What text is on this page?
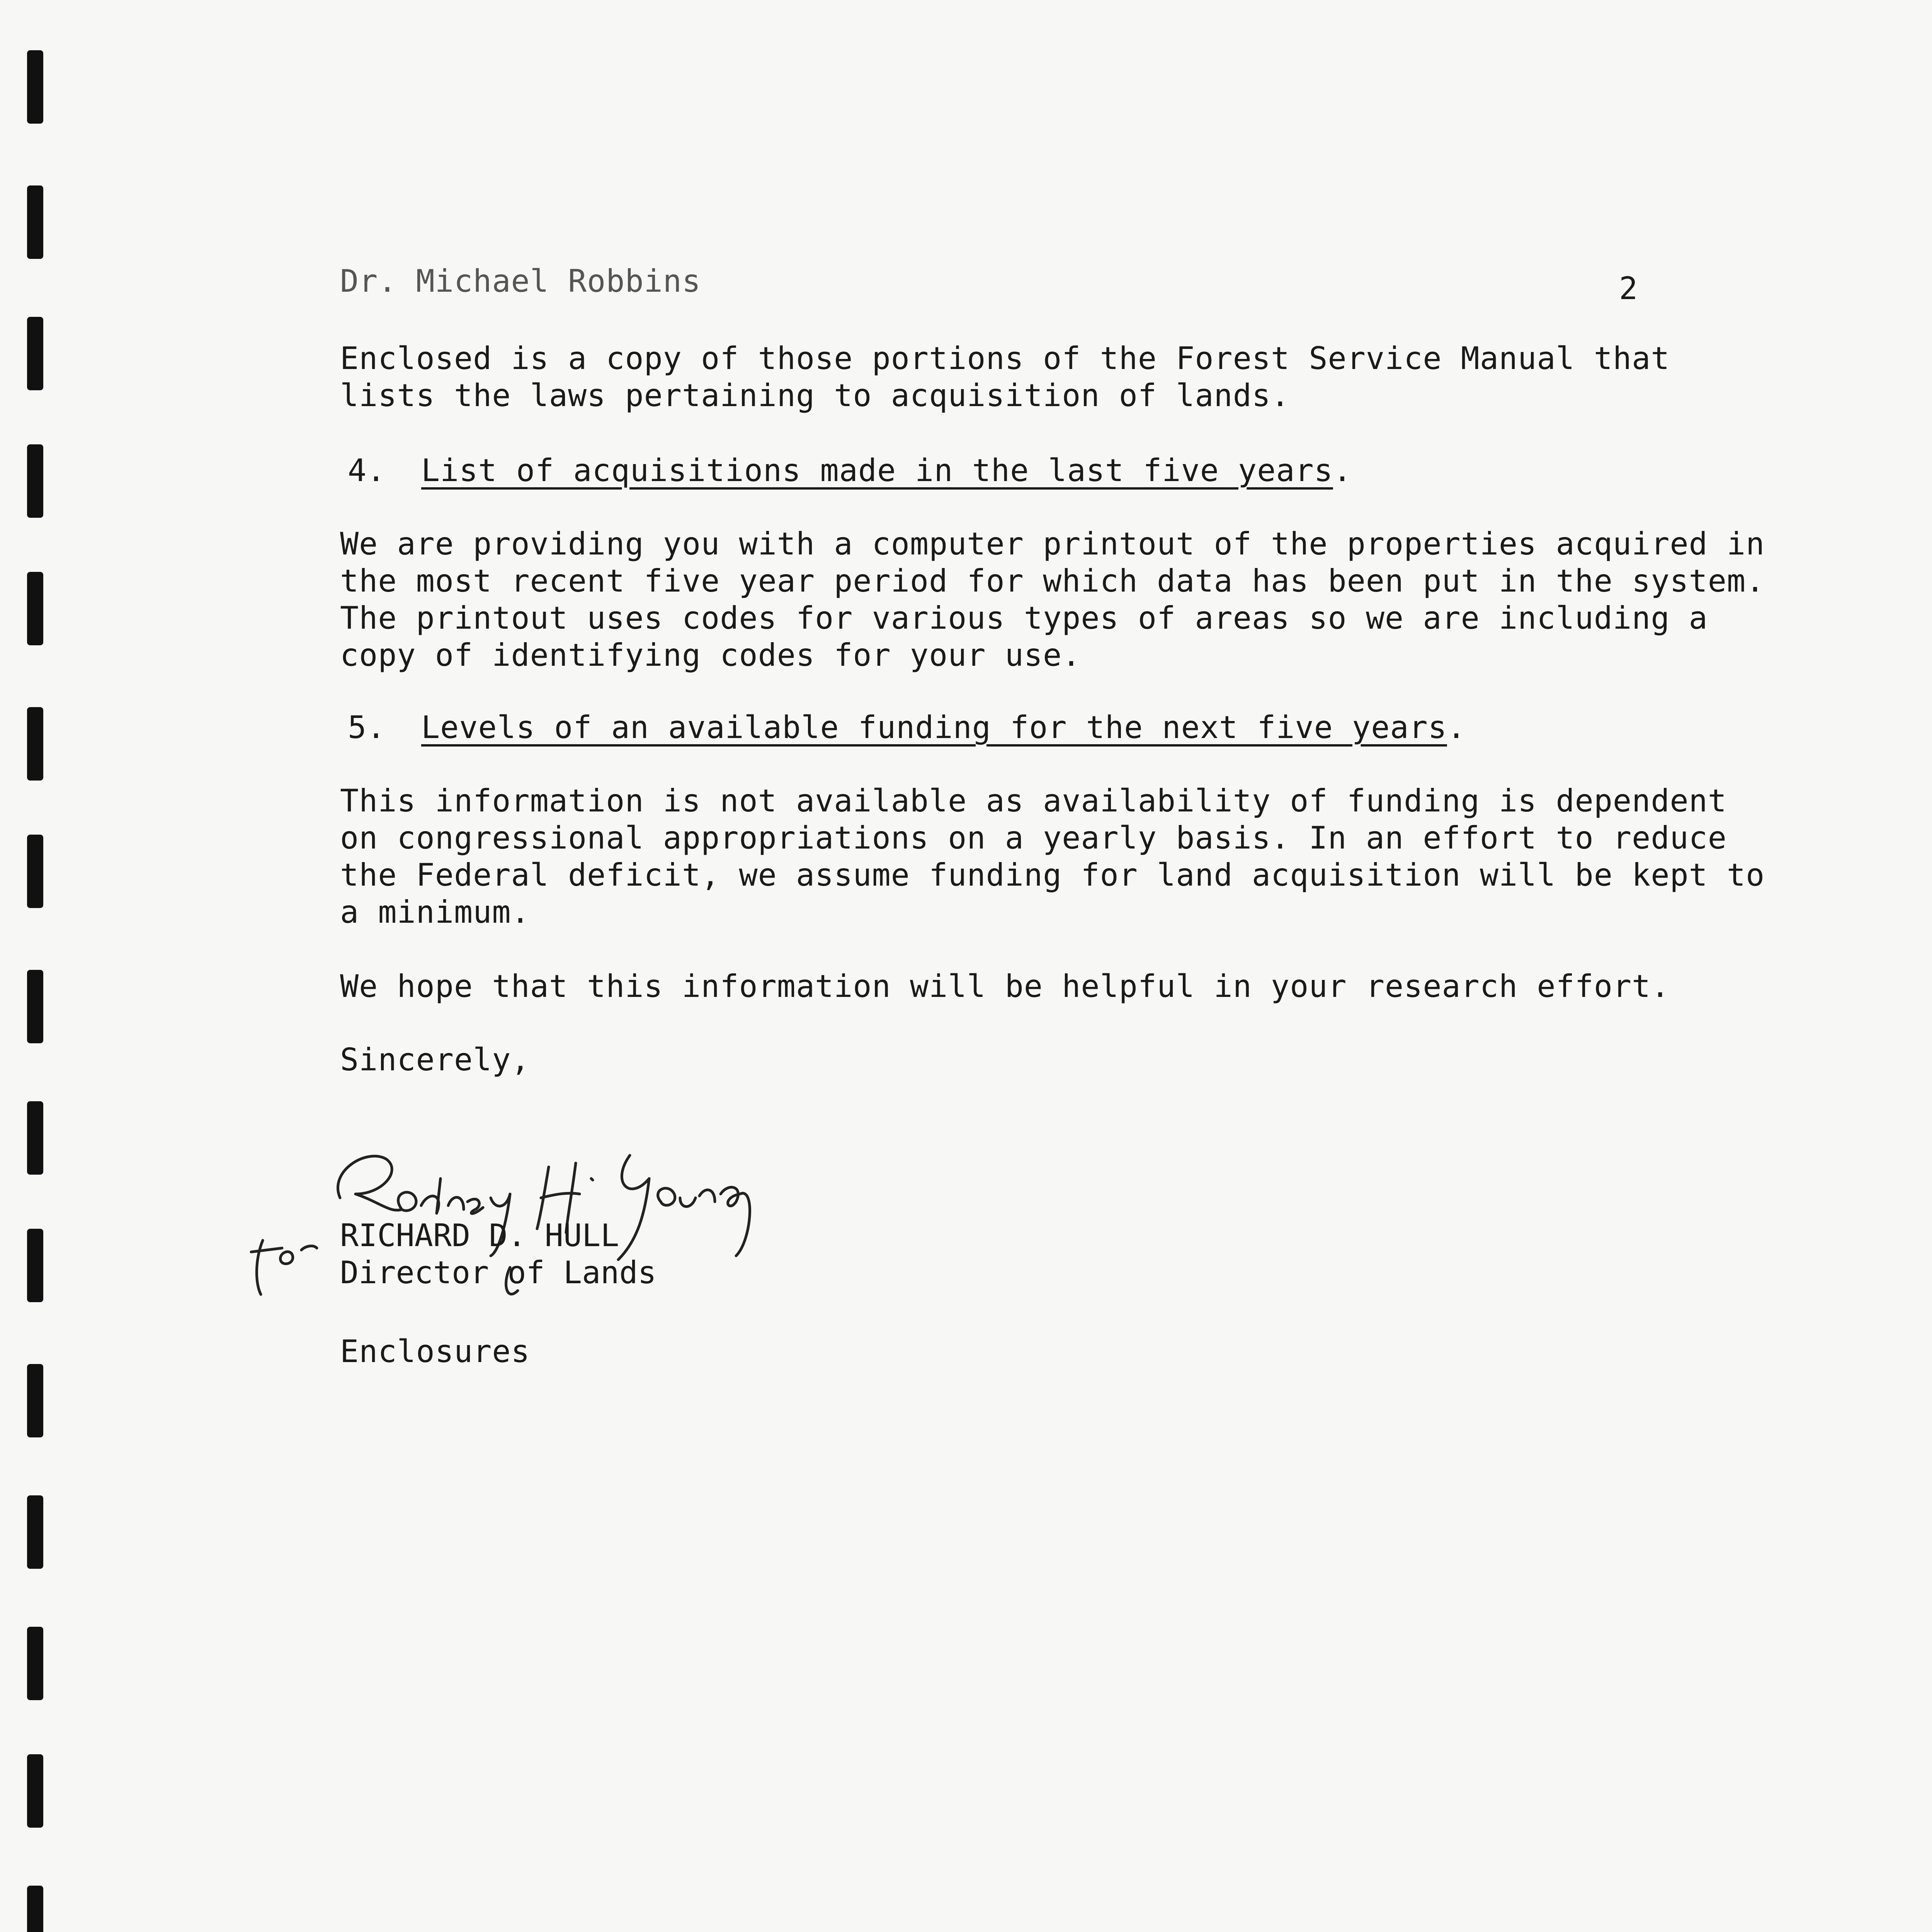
Dr. Michael Robbins	2
Enclosed is a copy of those portions of the Forest Service Manual that lists the laws pertaining to acquisition of lands.
4. List of acquisitions made in the last five years.
We are providing you with a computer printout of the properties acquired in the most recent five year period for which data has been put in the system. The printout uses codes for various types of areas so we are including a copy of identifying codes for your use.
5. Levels of an available funding for the next five years.
This information is not available as availability of funding is dependent on congressional appropriations on a yearly basis. In an effort to reduce the Federal deficit, we assume funding for land acquisition will be kept to a minimum.
We hope that this information will be helpful in your research effort.
Sincerely,
RICHARD D. HULL
Director of Lands
Enclosures
